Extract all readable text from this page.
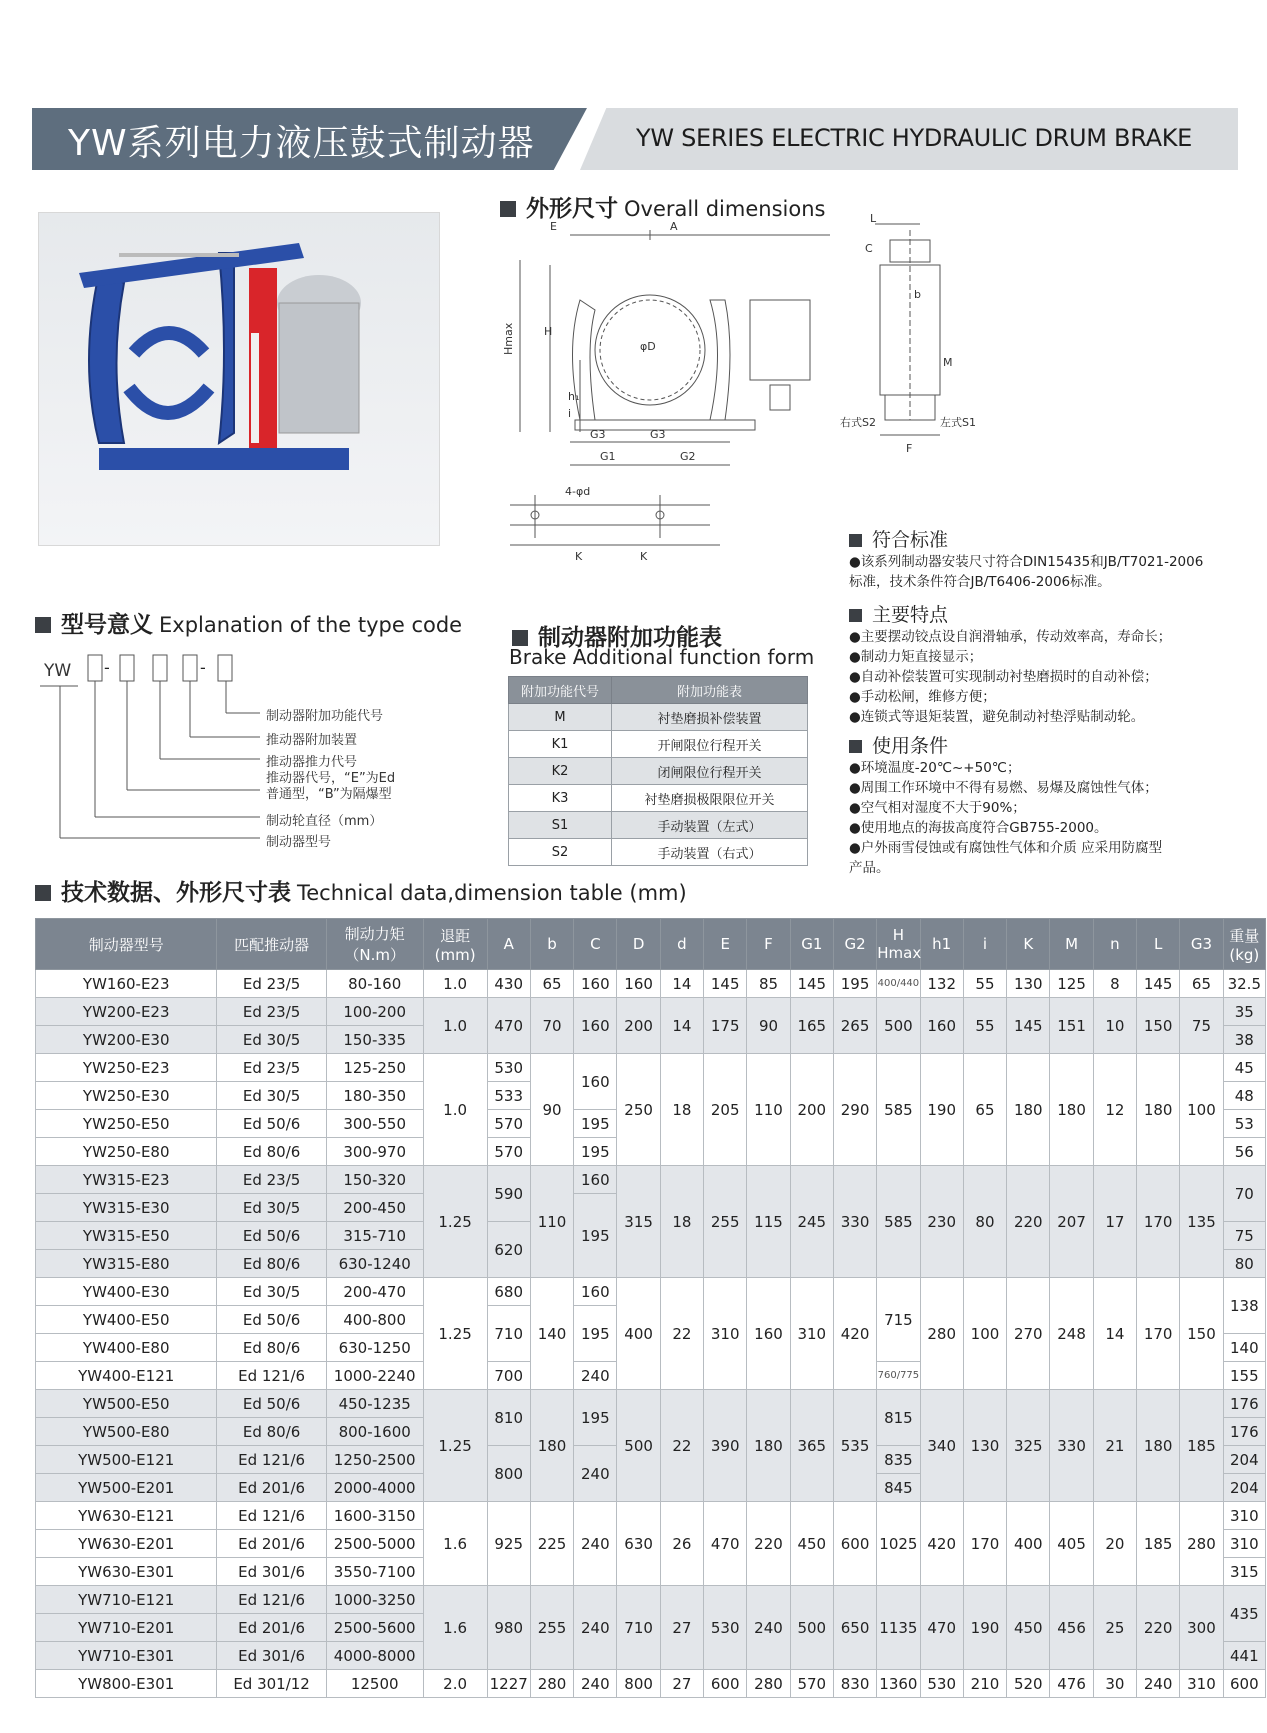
YW系列电力液压鼓式制动器	YW SERIES ELECTRIC HYDRAULIC DRUM BRAKE
外形尺寸 Overall dimensions
E	A
L
C
Hmax	H
h₁
φD
b
M
i
G3	G3
G1	G2
F
右式S2	左式S1
4-φd
K	K
型号意义 Explanation of the type code
YW -	-
制动器附加功能代号
推动器附加装置
推动器推力代号
推动器代号，“E”为Ed
普通型，“B”为隔爆型
制动轮直径（mm）
制动器型号
制动器附加功能表
Brake Additional function form
附加功能代号	附加功能表
M	衬垫磨损补偿装置
K1	开闸限位行程开关
K2	闭闸限位行程开关
K3	衬垫磨损极限限位开关
S1	手动装置（左式）
S2	手动装置（右式）
符合标准
●该系列制动器安装尺寸符合DIN15435和JB/T7021-2006
标准，技术条件符合JB/T6406-2006标准。
主要特点
●主要摆动铰点设自润滑轴承，传动效率高，寿命长；
●制动力矩直接显示；
●自动补偿装置可实现制动衬垫磨损时的自动补偿；
●手动松闸，维修方便；
●连锁式等退矩装置，避免制动衬垫浮贴制动轮。
使用条件
●环境温度-20℃~+50℃；
●周围工作环境中不得有易燃、易爆及腐蚀性气体；
●空气相对湿度不大于90%；
●使用地点的海拔高度符合GB755-2000。
●户外雨雪侵蚀或有腐蚀性气体和介质 应采用防腐型
产品。
技术数据、外形尺寸表 Technical data,dimension table (mm)
制动器型号	匹配推动器	制动力矩（N.m）	退距(mm)	A	b	C	D	d	E	F	G1	G2	H Hmax	h1	i	K	M	n	L	G3	重量(kg)
YW160-E23	Ed 23/5	80-160	1.0	430	65	160	160	14	145	85	145	195	400/440	132	55	130	125	8	145	65	32.5
YW200-E23	Ed 23/5	100-200	1.0	470	70	160	200	14	175	90	165	265	500	160	55	145	151	10	150	75	35
YW200-E30	Ed 30/5	150-335																			38
YW250-E23	Ed 23/5	125-250	1.0	530	90	160	250	18	205	110	200	290	585	190	65	180	180	12	180	100	45
YW250-E30	Ed 30/5	180-350		533																	48
YW250-E50	Ed 50/6	300-550		570		195															53
YW250-E80	Ed 80/6	300-970		570		195															56
YW315-E23	Ed 23/5	150-320	1.25	590	110	160	315	18	255	115	245	330	585	230	80	220	207	17	170	135	70
YW315-E30	Ed 30/5	200-450				195															
YW315-E50	Ed 50/6	315-710		620																	75
YW315-E80	Ed 80/6	630-1240																			80
YW400-E30	Ed 30/5	200-470	1.25	680	140	160	400	22	310	160	310	420	715	280	100	270	248	14	170	150	138
YW400-E50	Ed 50/6	400-800		710		195															
YW400-E80	Ed 80/6	630-1250																			140
YW400-E121	Ed 121/6	1000-2240		700		240							760/775								155
YW500-E50	Ed 50/6	450-1235	1.25	810	180	195	500	22	390	180	365	535	815	340	130	325	330	21	180	185	176
YW500-E80	Ed 80/6	800-1600																			176
YW500-E121	Ed 121/6	1250-2500		800		240							835								204
YW500-E201	Ed 201/6	2000-4000											845								204
YW630-E121	Ed 121/6	1600-3150	1.6	925	225	240	630	26	470	220	450	600	1025	420	170	400	405	20	185	280	310
YW630-E201	Ed 201/6	2500-5000																			310
YW630-E301	Ed 301/6	3550-7100																			315
YW710-E121	Ed 121/6	1000-3250	1.6	980	255	240	710	27	530	240	500	650	1135	470	190	450	456	25	220	300	435
YW710-E201	Ed 201/6	2500-5600																			
YW710-E301	Ed 301/6	4000-8000																			441
YW800-E301	Ed 301/12	12500	2.0	1227	280	240	800	27	600	280	570	830	1360	530	210	520	476	30	240	310	600
